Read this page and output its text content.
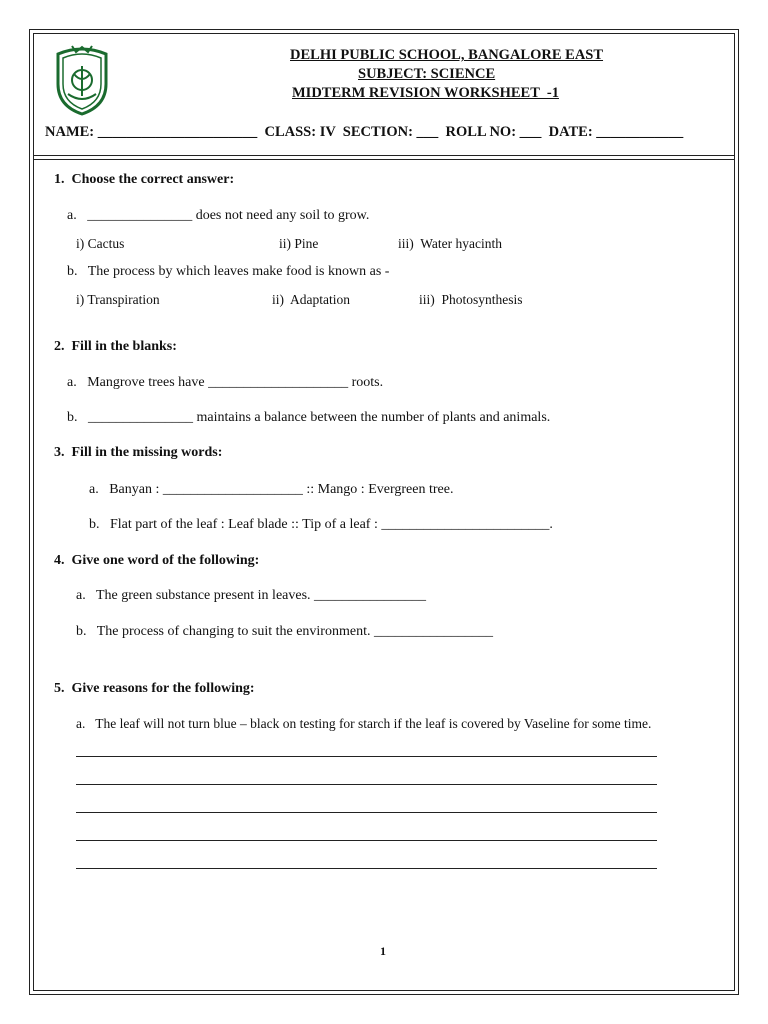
DELHI PUBLIC SCHOOL, BANGALORE EAST
SUBJECT: SCIENCE
MIDTERM REVISION WORKSHEET  -1
NAME: ______________________  CLASS: IV  SECTION: ___  ROLL NO: ___  DATE: ____________
1.  Choose the correct answer:
a.   _______________ does not need any soil to grow.
i) Cactus	ii) Pine	iii)  Water hyacinth
b.   The process by which leaves make food is known as -
i) Transpiration	ii)  Adaptation	iii)  Photosynthesis
2.  Fill in the blanks:
a.   Mangrove trees have ____________________ roots.
b.   _______________ maintains a balance between the number of plants and animals.
3.  Fill in the missing words:
a.   Banyan : ____________________ :: Mango : Evergreen tree.
b.   Flat part of the leaf : Leaf blade :: Tip of a leaf : ________________________.
4.  Give one word of the following:
a.   The green substance present in leaves. ________________
b.   The process of changing to suit the environment. _________________
5.  Give reasons for the following:
a.   The leaf will not turn blue – black on testing for starch if the leaf is covered by Vaseline for some time.
1
